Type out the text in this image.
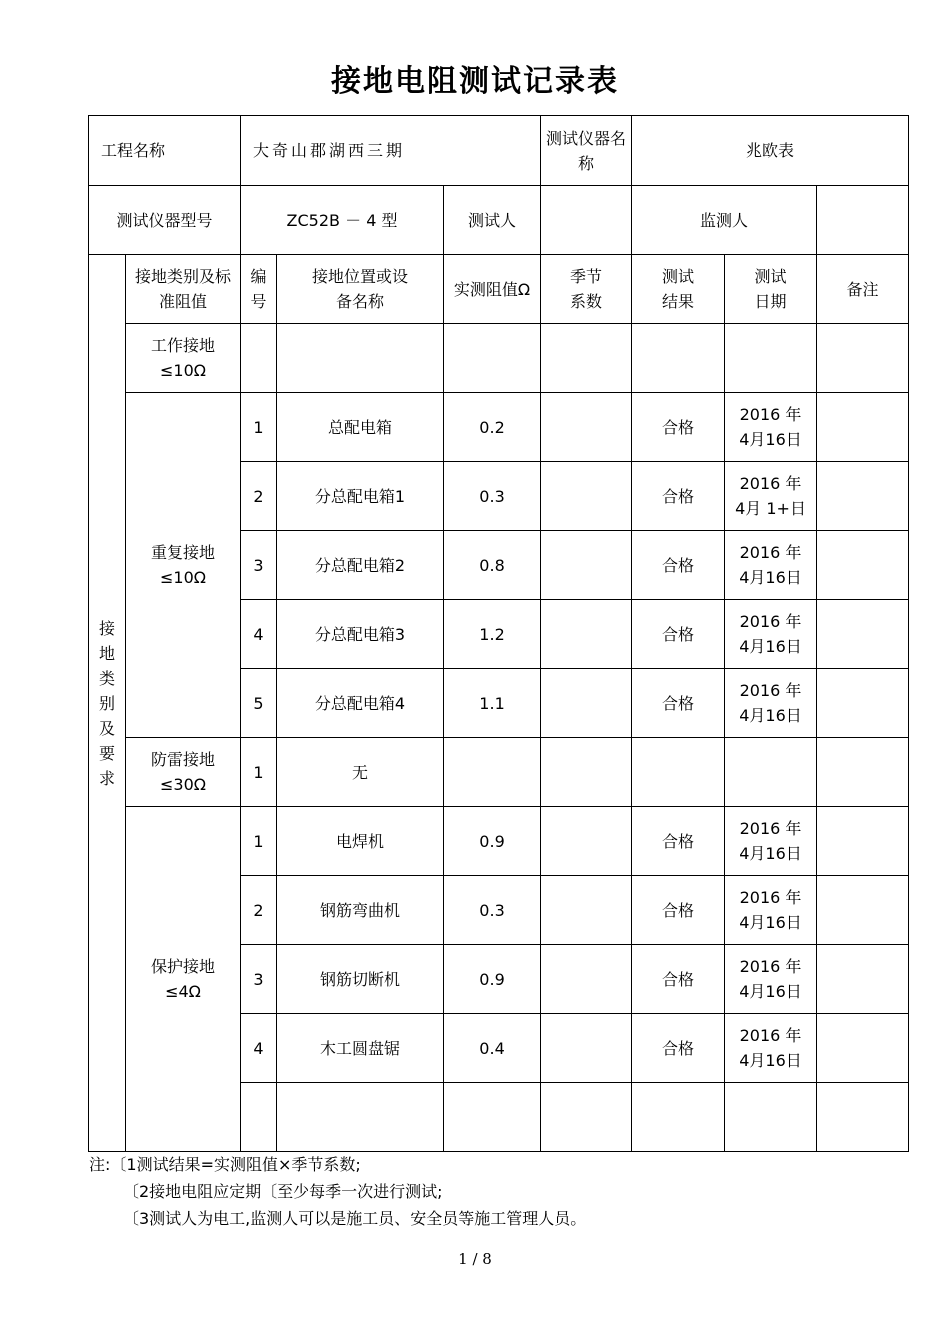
接地电阻测试记录表
工程名称		大奇山郡湖西三期			测试仪器名称	兆欧表		
测试仪器型号		ZC52B － 4 型		测试人		监测人		

接地类别及要求	接地类别及标准阻值	编号	接地位置或设备名称	实测阻值Ω	季节系数	测试结果	测试日期	备注

	工作接地 ≤10Ω							

	重复接地 ≤10Ω	1	总配电箱	0.2		合格	2016 年 4月16日	

		2	分总配电箱1	0.3		合格	2016 年 4月 1+日	

		3	分总配电箱2	0.8		合格	2016 年 4月16日	

		4	分总配电箱3	1.2		合格	2016 年 4月16日	

		5	分总配电箱4	1.1		合格	2016 年 4月16日	

	防雷接地 ≤30Ω	1	无				

	保护接地 ≤4Ω	1	电焊机	0.9		合格	2016 年 4月16日	

		2	钢筋弯曲机	0.3		合格	2016 年 4月16日	

		3	钢筋切断机	0.9		合格	2016 年 4月16日	

		4	木工圆盘锯	0.4		合格	2016 年 4月16日	

注:〔1测试结果=实测阻值×季节系数;
〔2接地电阻应定期〔至少每季一次进行测试;
〔3测试人为电工,监测人可以是施工员、安全员等施工管理人员。
1 / 8
